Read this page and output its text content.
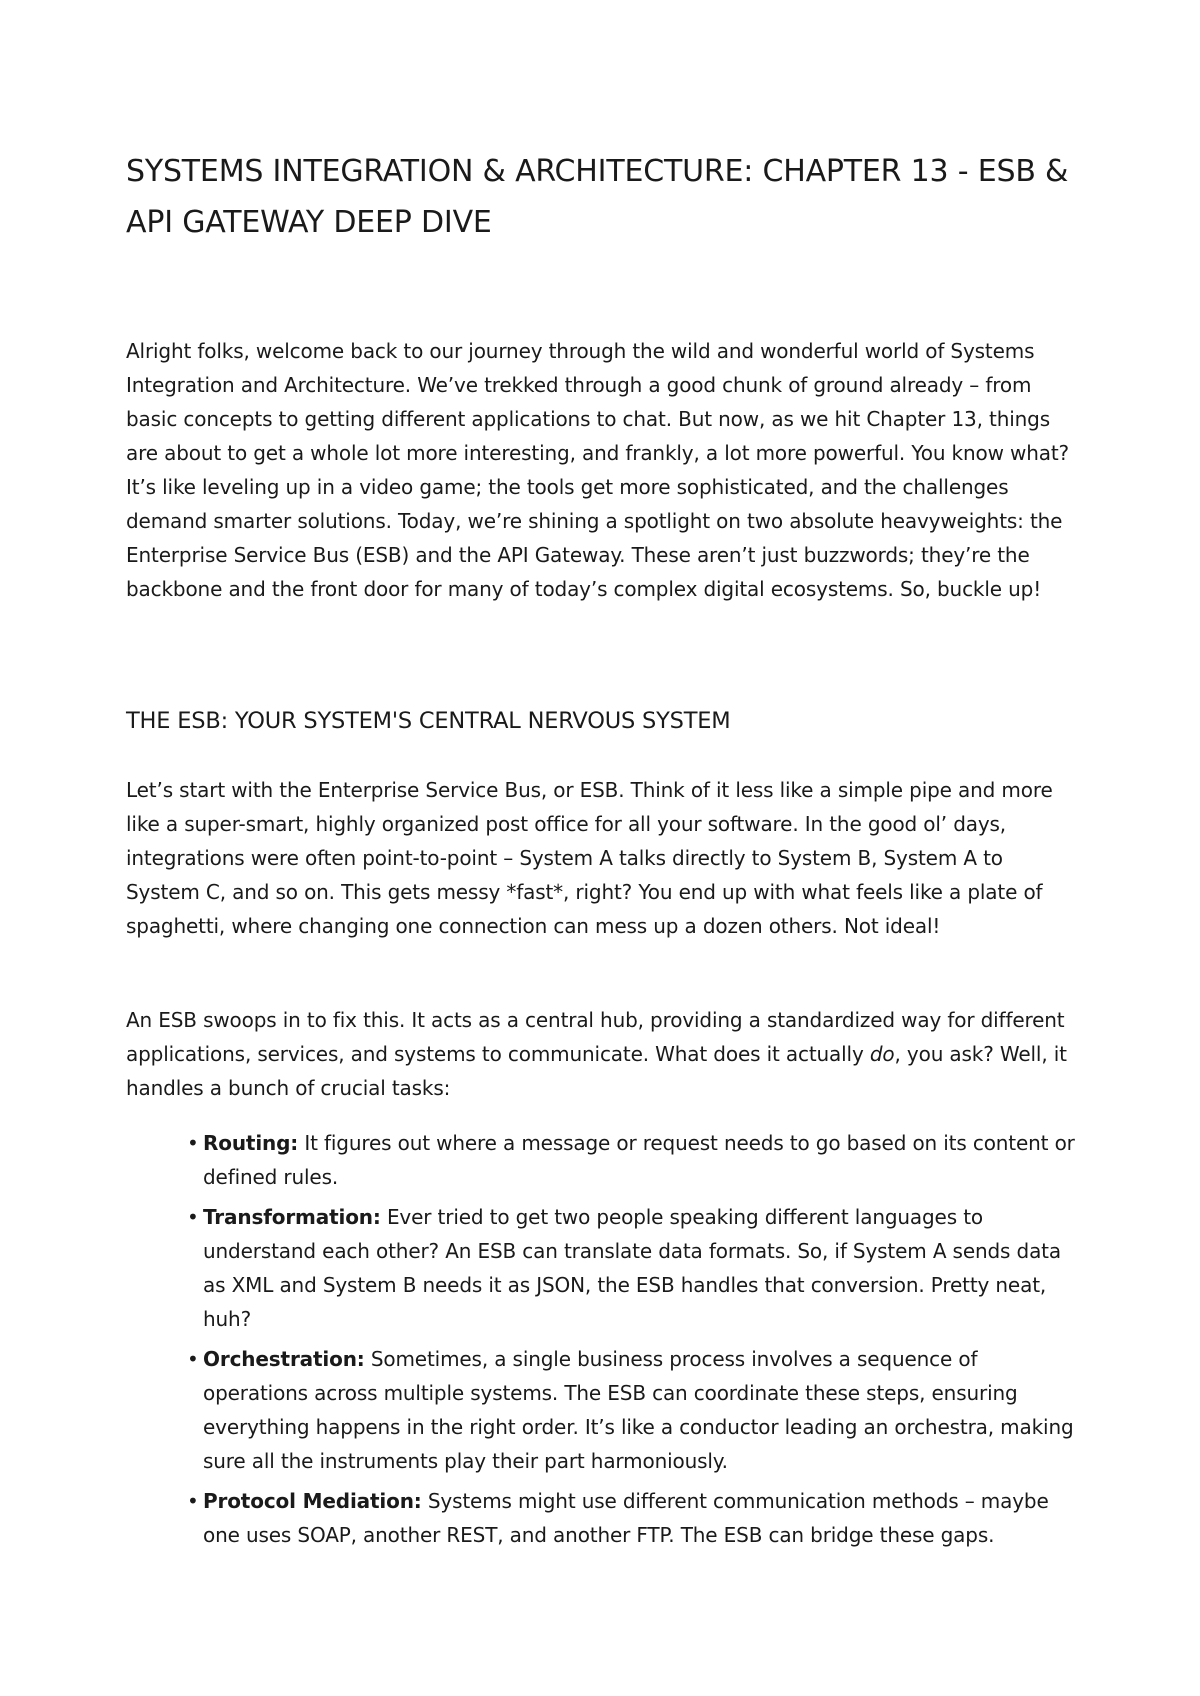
SYSTEMS INTEGRATION & ARCHITECTURE: CHAPTER 13 - ESB & API GATEWAY DEEP DIVE

Alright folks, welcome back to our journey through the wild and wonderful world of Systems Integration and Architecture. We’ve trekked through a good chunk of ground already – from basic concepts to getting different applications to chat. But now, as we hit Chapter 13, things are about to get a whole lot more interesting, and frankly, a lot more powerful. You know what? It’s like leveling up in a video game; the tools get more sophisticated, and the challenges demand smarter solutions. Today, we’re shining a spotlight on two absolute heavyweights: the Enterprise Service Bus (ESB) and the API Gateway. These aren’t just buzzwords; they’re the backbone and the front door for many of today’s complex digital ecosystems. So, buckle up!

THE ESB: YOUR SYSTEM'S CENTRAL NERVOUS SYSTEM

Let’s start with the Enterprise Service Bus, or ESB. Think of it less like a simple pipe and more like a super-smart, highly organized post office for all your software. In the good ol’ days, integrations were often point-to-point – System A talks directly to System B, System A to System C, and so on. This gets messy *fast*, right? You end up with what feels like a plate of spaghetti, where changing one connection can mess up a dozen others. Not ideal!

An ESB swoops in to fix this. It acts as a central hub, providing a standardized way for different applications, services, and systems to communicate. What does it actually do, you ask? Well, it handles a bunch of crucial tasks:

• Routing: It figures out where a message or request needs to go based on its content or defined rules.
• Transformation: Ever tried to get two people speaking different languages to understand each other? An ESB can translate data formats. So, if System A sends data as XML and System B needs it as JSON, the ESB handles that conversion. Pretty neat, huh?
• Orchestration: Sometimes, a single business process involves a sequence of operations across multiple systems. The ESB can coordinate these steps, ensuring everything happens in the right order. It’s like a conductor leading an orchestra, making sure all the instruments play their part harmoniously.
• Protocol Mediation: Systems might use different communication methods – maybe one uses SOAP, another REST, and another FTP. The ESB can bridge these gaps.
